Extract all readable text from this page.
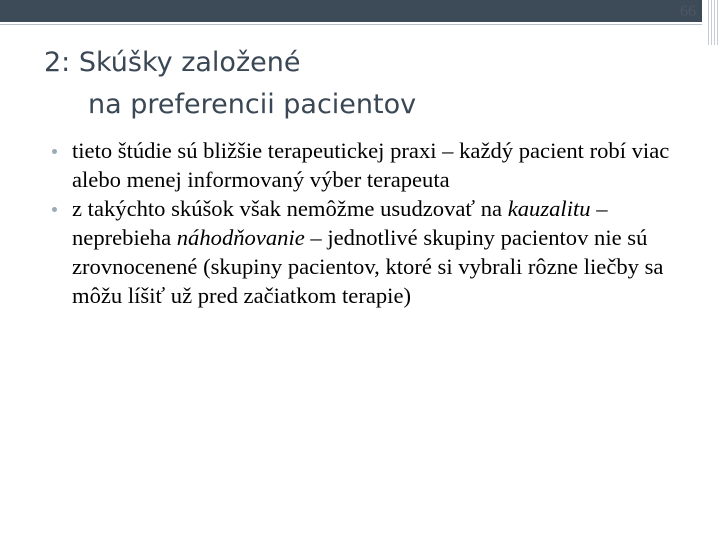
66
2: Skúšky založené
na preferencii pacientov
tieto štúdie sú bližšie terapeutickej praxi – každý pacient robí viac alebo menej informovaný výber terapeuta
z takýchto skúšok však nemôžme usudzovať na kauzalitu – neprebieha náhodňovanie – jednotlivé skupiny pacientov nie sú zrovnocenené (skupiny pacientov, ktoré si vybrali rôzne liečby sa môžu líšiť už pred začiatkom terapie)
